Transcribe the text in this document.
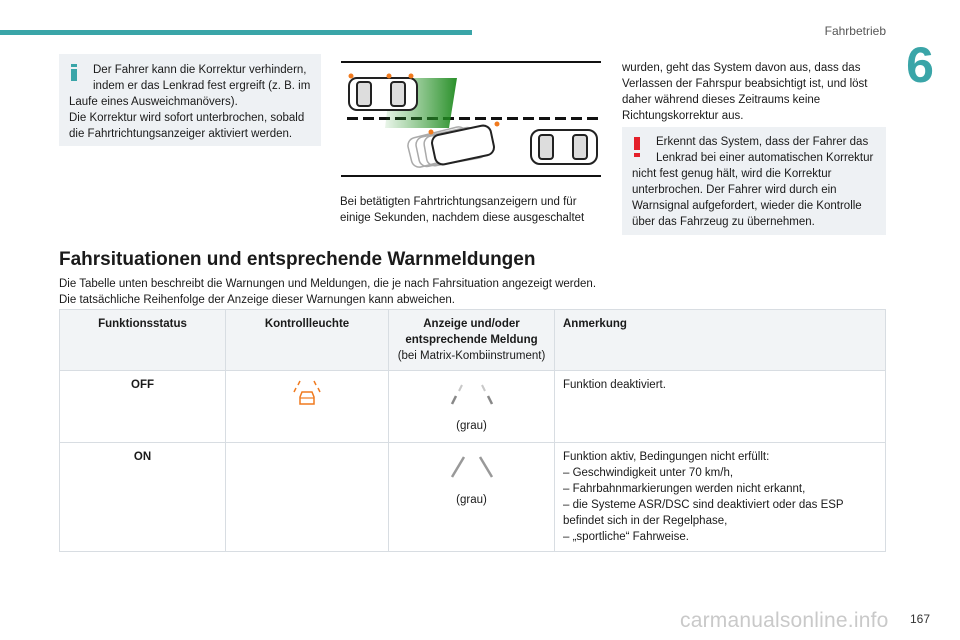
Fahrbetrieb
6
Der Fahrer kann die Korrektur verhindern,
indem er das Lenkrad fest ergreift (z. B. im
Laufe eines Ausweichmanövers).
Die Korrektur wird sofort unterbrochen, sobald die Fahrtrichtungsanzeiger aktiviert werden.
Bei betätigten Fahrtrichtungsanzeigern und für einige Sekunden, nachdem diese ausgeschaltet
wurden, geht das System davon aus, dass das Verlassen der Fahrspur beabsichtigt ist, und löst daher während dieses Zeitraums keine Richtungskorrektur aus.
Erkennt das System, dass der Fahrer das
Lenkrad bei einer automatischen Korrektur
nicht fest genug hält, wird die Korrektur unterbrochen. Der Fahrer wird durch ein Warnsignal aufgefordert, wieder die Kontrolle über das Fahrzeug zu übernehmen.
Fahrsituationen und entsprechende Warnmeldungen
Die Tabelle unten beschreibt die Warnungen und Meldungen, die je nach Fahrsituation angezeigt werden.
Die tatsächliche Reihenfolge der Anzeige dieser Warnungen kann abweichen.
Funktionsstatus	Kontrollleuchte	Anzeige und/oder
entsprechende Meldung
(bei Matrix-Kombiinstrument)	Anmerkung
OFF		(grau)	Funktion deaktiviert.
ON		(grau)	Funktion aktiv, Bedingungen nicht erfüllt:
– Geschwindigkeit unter 70 km/h,
– Fahrbahnmarkierungen werden nicht erkannt,
– die Systeme ASR/DSC sind deaktiviert oder das ESP befindet sich in der Regelphase,
– „sportliche“ Fahrweise.
carmanualsonline.info 167
